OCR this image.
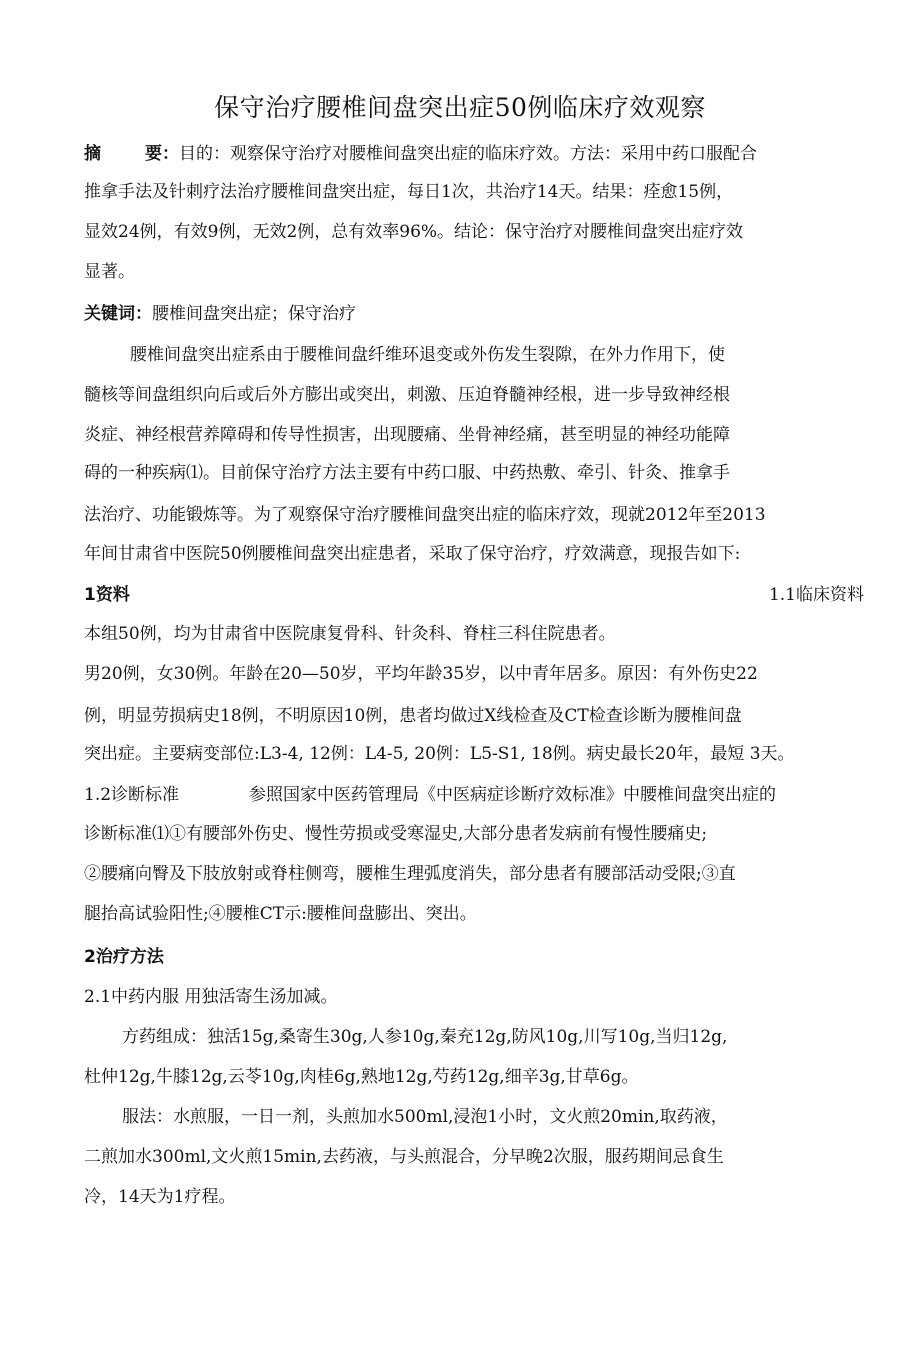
保守治疗腰椎间盘突出症50例临床疗效观察
摘	要：目的：观察保守治疗对腰椎间盘突出症的临床疗效。方法：采用中药口服配合
推拿手法及针刺疗法治疗腰椎间盘突出症，每日1次，共治疗14天。结果：痊愈15例，
显效24例，有效9例，无效2例，总有效率96%。结论：保守治疗对腰椎间盘突出症疗效
显著。
关键词：腰椎间盘突出症；保守治疗
腰椎间盘突出症系由于腰椎间盘纤维环退变或外伤发生裂隙，在外力作用下，使
髓核等间盘组织向后或后外方膨出或突出，刺激、压迫脊髓神经根，进一步导致神经根
炎症、神经根营养障碍和传导性损害，出现腰痛、坐骨神经痛，甚至明显的神经功能障
碍的一种疾病⑴。目前保守治疗方法主要有中药口服、中药热敷、牵引、针灸、推拿手
法治疗、功能锻炼等。为了观察保守治疗腰椎间盘突出症的临床疗效，现就2012年至2013
年间甘肃省中医院50例腰椎间盘突出症患者，采取了保守治疗，疗效满意，现报告如下:
1资料	1.1临床资料
本组50例，均为甘肃省中医院康复骨科、针灸科、脊柱三科住院患者。
男20例，女30例。年龄在20—50岁，平均年龄35岁，以中青年居多。原因：有外伤史22
例，明显劳损病史18例，不明原因10例，患者均做过X线检查及CT检查诊断为腰椎间盘
突出症。主要病变部位:L3-4, 12例：L4-5, 20例：L5-S1, 18例。病史最长20年，最短 3天。
1.2诊断标准	参照国家中医药管理局《中医病症诊断疗效标准》中腰椎间盘突出症的
诊断标准⑴①有腰部外伤史、慢性劳损或受寒湿史,大部分患者发病前有慢性腰痛史;
②腰痛向臀及下肢放射或脊柱侧弯，腰椎生理弧度消失，部分患者有腰部活动受限;③直
腿抬高试验阳性;④腰椎CT示:腰椎间盘膨出、突出。
2治疗方法
2.1中药内服 用独活寄生汤加减。
方药组成：独活15g,桑寄生30g,人参10g,秦充12g,防风10g,川写10g,当归12g,
杜仲12g,牛膝12g,云苓10g,肉桂6g,熟地12g,芍药12g,细辛3g,甘草6g。
服法：水煎服，一日一剂，头煎加水500ml,浸泡1小时，文火煎20min,取药液，
二煎加水300ml,文火煎15min,去药液，与头煎混合，分早晚2次服，服药期间忌食生
冷，14天为1疗程。
